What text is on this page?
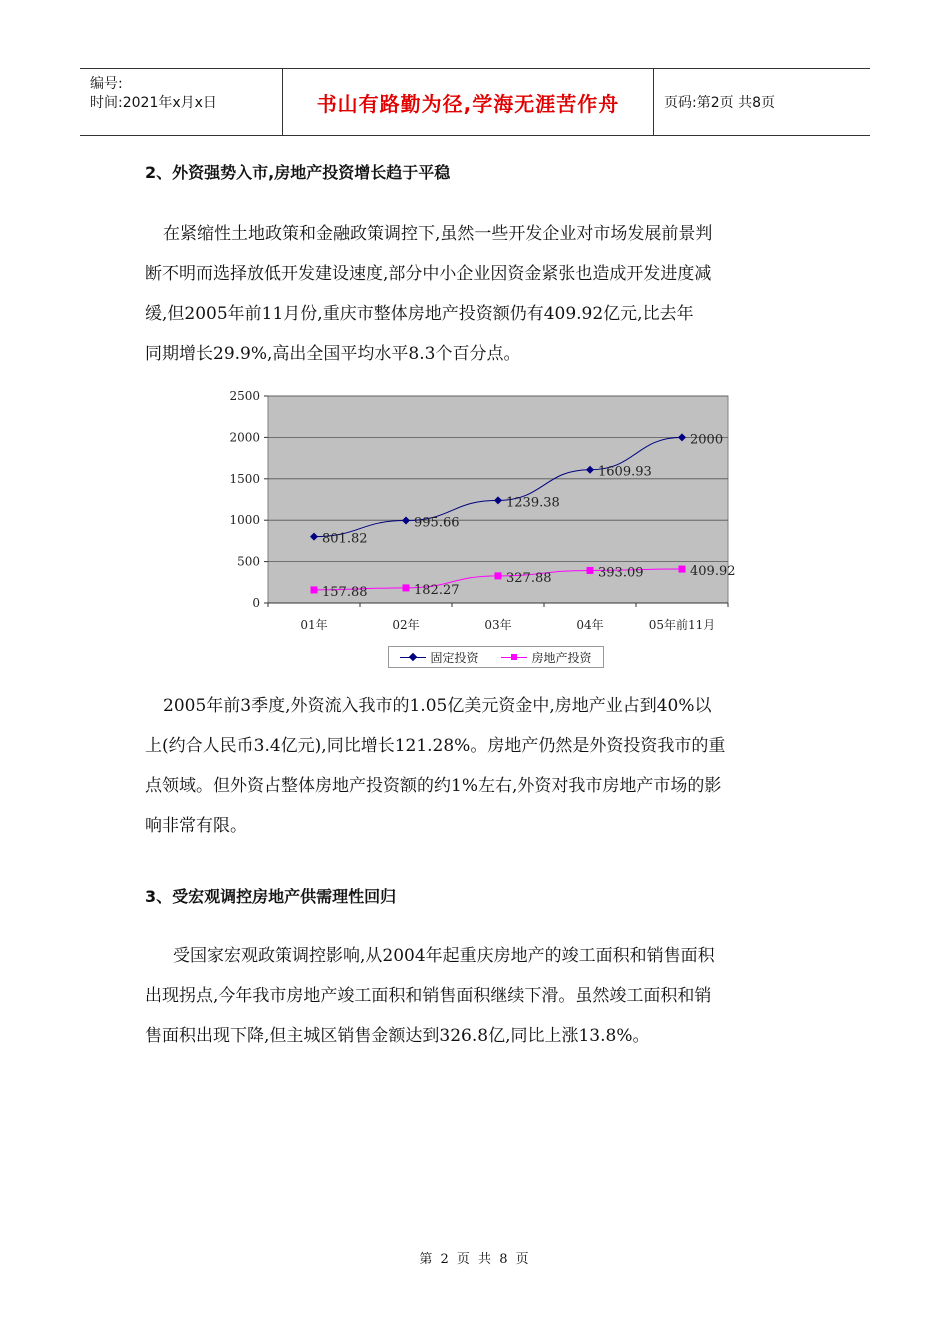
编号:
时间:2021年x月x日	书山有路勤为径,学海无涯苦作舟	页码:第2页 共8页
2、外资强势入市,房地产投资增长趋于平稳
在紧缩性土地政策和金融政策调控下,虽然一些开发企业对市场发展前景判
断不明而选择放低开发建设速度,部分中小企业因资金紧张也造成开发进度减
缓,但2005年前11月份,重庆市整体房地产投资额仍有409.92亿元,比去年
同期增长29.9%,高出全国平均水平8.3个百分点。
0
500
1000
1500
2000
2500
01年	02年	03年	04年	05年前11月
801.82
995.66
1239.38
1609.93
2000
157.88	182.27
327.88	393.09	409.92
固定投资	房地产投资
2005年前3季度,外资流入我市的1.05亿美元资金中,房地产业占到40%以
上(约合人民币3.4亿元),同比增长121.28%。房地产仍然是外资投资我市的重
点领域。但外资占整体房地产投资额的约1%左右,外资对我市房地产市场的影
响非常有限。
3、受宏观调控房地产供需理性回归
受国家宏观政策调控影响,从2004年起重庆房地产的竣工面积和销售面积
出现拐点,今年我市房地产竣工面积和销售面积继续下滑。虽然竣工面积和销
售面积出现下降,但主城区销售金额达到326.8亿,同比上涨13.8%。
第 2 页 共 8 页
